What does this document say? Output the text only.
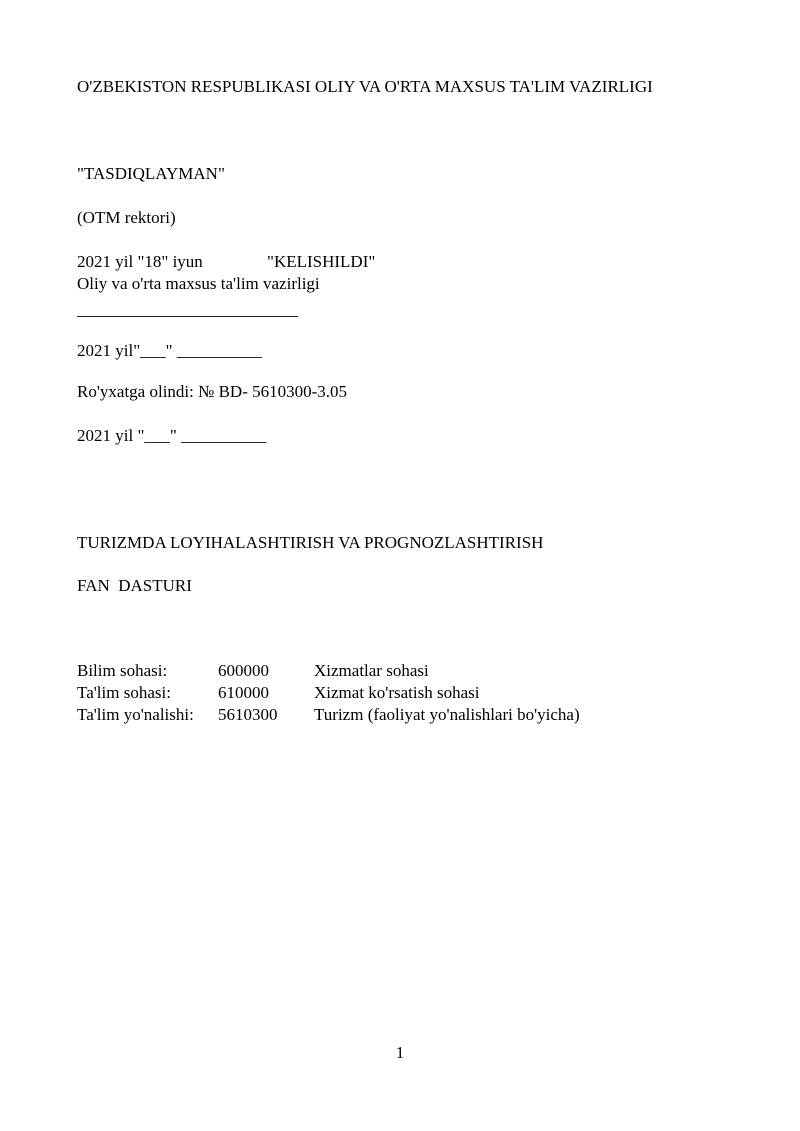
O'ZBEKISTON RESPUBLIKASI OLIY VA O'RTA MAXSUS TA'LIM VAZIRLIGI

"TASDIQLAYMAN"

(OTM rektori)

2021 yil "18" iyun	"KELISHILDI"

Oliy va o'rta maxsus ta'lim vazirligi

__________________________

2021 yil"___" __________

Ro'yxatga olindi: № BD- 5610300-3.05

2021 yil "___" __________

TURIZMDA LOYIHALASHTIRISH VA PROGNOZLASHTIRISH

FAN  DASTURI

Bilim sohasi:	600000	Xizmatlar sohasi
Ta'lim sohasi:	610000	Xizmat ko'rsatish sohasi
Ta'lim yo'nalishi:	5610300	Turizm (faoliyat yo'nalishlari bo'yicha)
1
